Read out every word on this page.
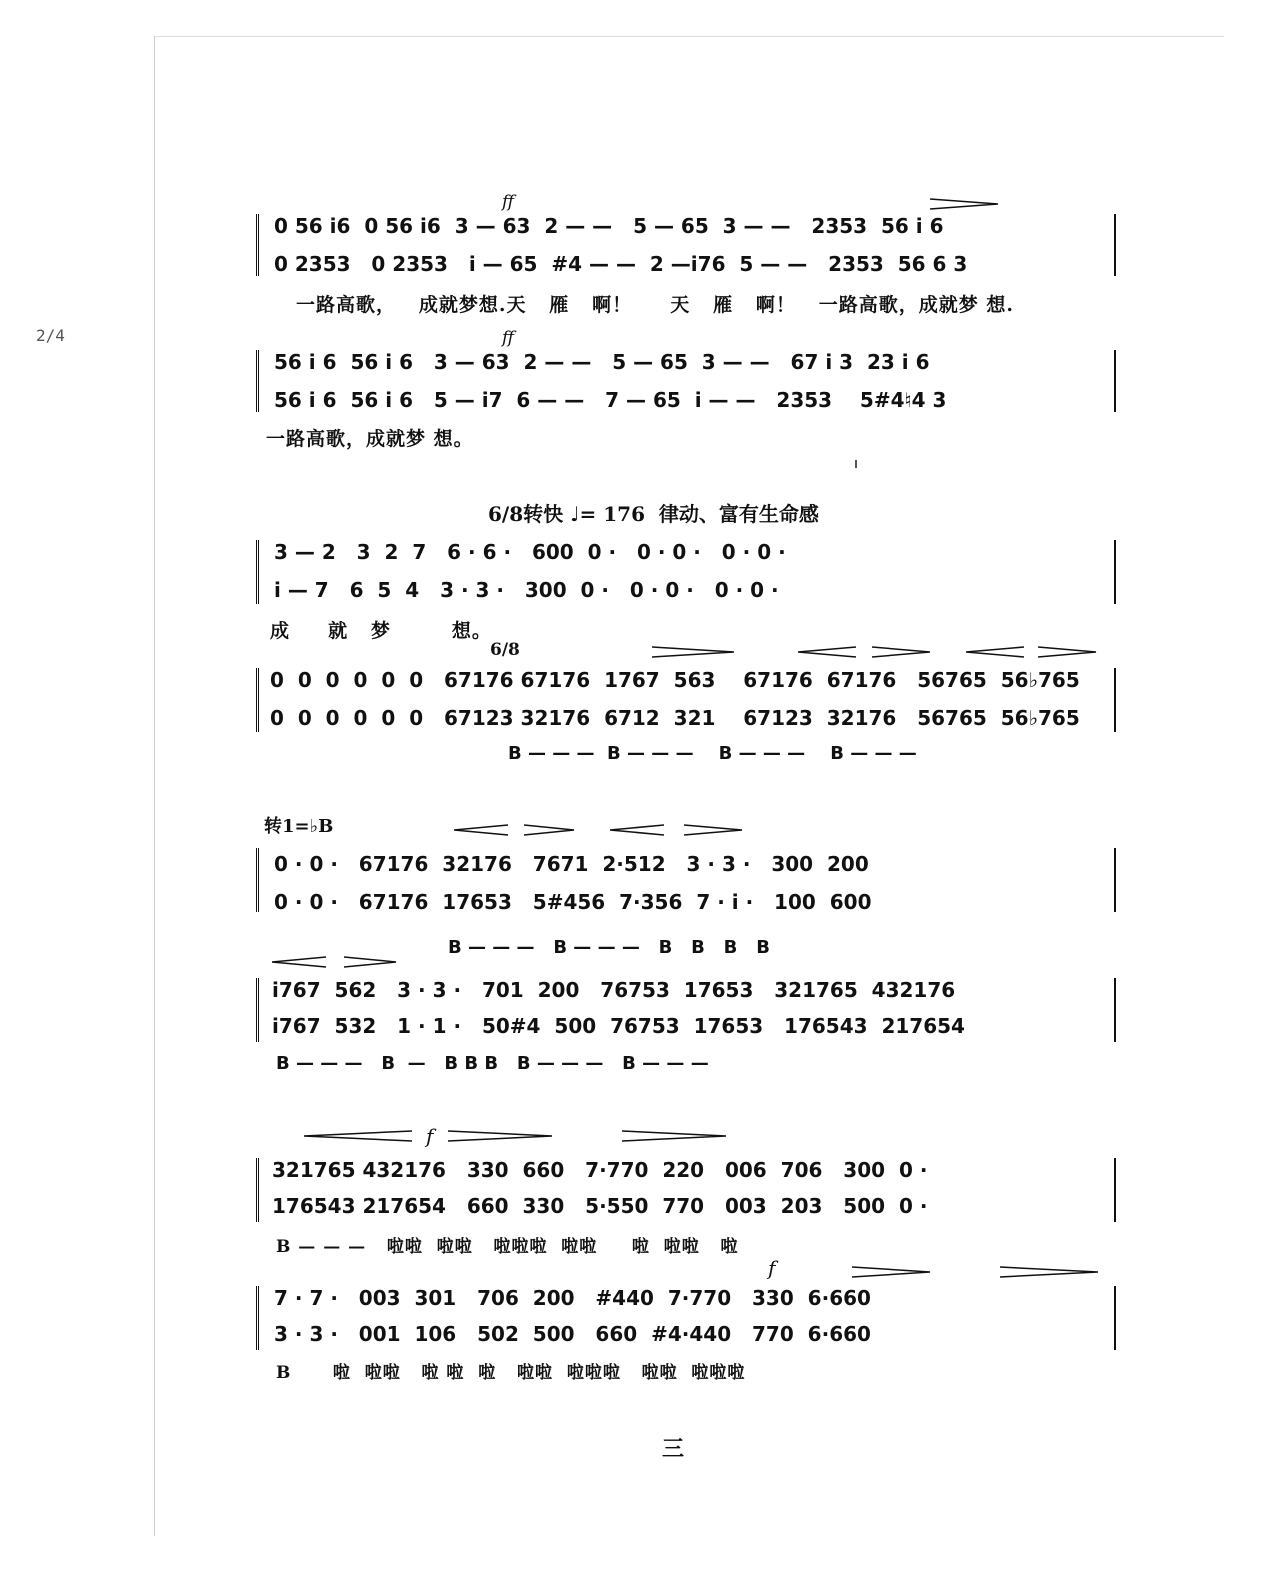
2/4
ff
ff
0 56 i6  0 56 i6  3 — 63  2 — —   5 — 65  3 — —   2353  56 i 6
0 2353   0 2353   i — 65  #4 — —  2 —i76  5 — —   2353  56 6 3
一路高歌，   成就梦想.天   雁   啊！     天   雁   啊！   一路高歌，成就梦 想.
56 i 6  56 i 6   3 — 63  2 — —   5 — 65  3 — —   67 i 3  23 i 6
56 i 6  56 i 6   5 — i7  6 — —   7 — 65  i — —   2353    5#4♮4 3
一路高歌，成就梦 想。
6/8转快 ♩= 176  律动、富有生命感
3 — 2   3  2  7   6 · 6 ·   600  0 ·   0 · 0 ·   0 · 0 ·
i — 7   6  5  4   3 · 3 ·   300  0 ·   0 · 0 ·   0 · 0 ·
成     就   梦        想。
6/8
0  0  0  0  0  0   67176 67176  1767  563    67176  67176   56765  56♭765
0  0  0  0  0  0   67123 32176  6712  321    67123  32176   56765  56♭765
B — — —  B — — —    B — — —    B — — —
转1=♭B
0 · 0 ·   67176  32176   7671  2·512   3 · 3 ·   300  200
0 · 0 ·   67176  17653   5#456  7·356  7 · i ·   100  600
B — — —   B — — —   B   B   B   B
i767  562   3 · 3 ·   701  200   76753  17653   321765  432176
i767  532   1 · 1 ·   50#4  500  76753  17653   176543  217654
B — — —   B  —   B B B   B — — —   B — — —
f
321765 432176   330  660   7·770  220   006  706   300  0 ·
176543 217654   660  330   5·550  770   003  203   500  0 ·
B — — —   啦啦  啦啦   啦啦啦  啦啦     啦  啦啦   啦
f
7 · 7 ·   003  301   706  200   #440  7·770   330  6·660
3 · 3 ·   001  106   502  500   660  #4·440   770  6·660
B      啦  啦啦   啦 啦  啦   啦啦  啦啦啦   啦啦  啦啦啦
三
